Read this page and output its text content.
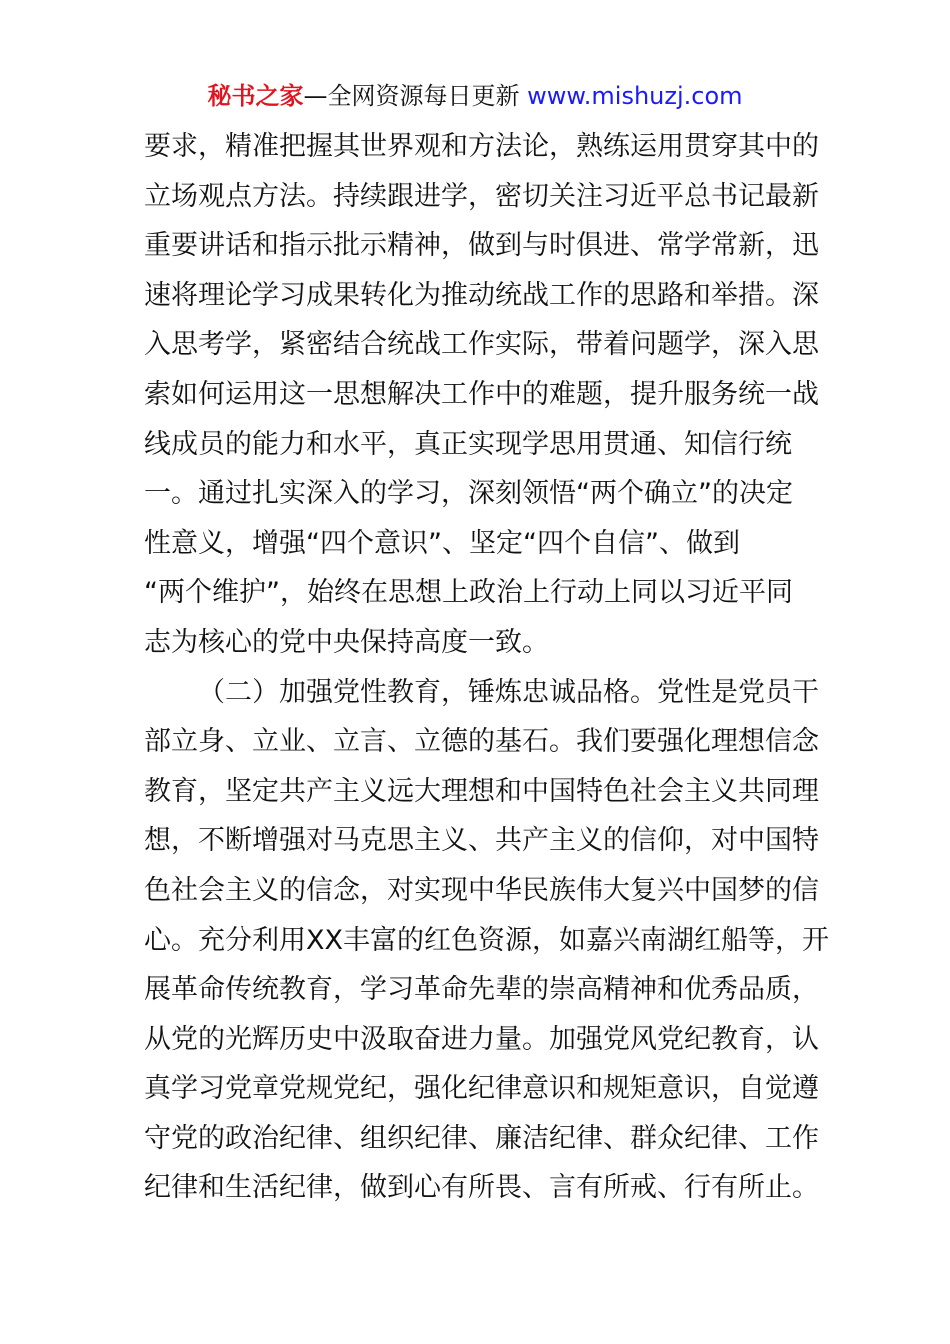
秘书之家—全网资源每日更新 www.mishuzj.com
要求，精准把握其世界观和方法论，熟练运用贯穿其中的
立场观点方法。持续跟进学，密切关注习近平总书记最新
重要讲话和指示批示精神，做到与时俱进、常学常新，迅
速将理论学习成果转化为推动统战工作的思路和举措。深
入思考学，紧密结合统战工作实际，带着问题学，深入思
索如何运用这一思想解决工作中的难题，提升服务统一战
线成员的能力和水平，真正实现学思用贯通、知信行统
一。通过扎实深入的学习，深刻领悟“两个确立”的决定
性意义，增强“四个意识”、坚定“四个自信”、做到
“两个维护”，始终在思想上政治上行动上同以习近平同
志为核心的党中央保持高度一致。
（二）加强党性教育，锤炼忠诚品格。党性是党员干
部立身、立业、立言、立德的基石。我们要强化理想信念
教育，坚定共产主义远大理想和中国特色社会主义共同理
想，不断增强对马克思主义、共产主义的信仰，对中国特
色社会主义的信念，对实现中华民族伟大复兴中国梦的信
心。充分利用XX丰富的红色资源，如嘉兴南湖红船等，开
展革命传统教育，学习革命先辈的崇高精神和优秀品质，
从党的光辉历史中汲取奋进力量。加强党风党纪教育，认
真学习党章党规党纪，强化纪律意识和规矩意识，自觉遵
守党的政治纪律、组织纪律、廉洁纪律、群众纪律、工作
纪律和生活纪律，做到心有所畏、言有所戒、行有所止。
